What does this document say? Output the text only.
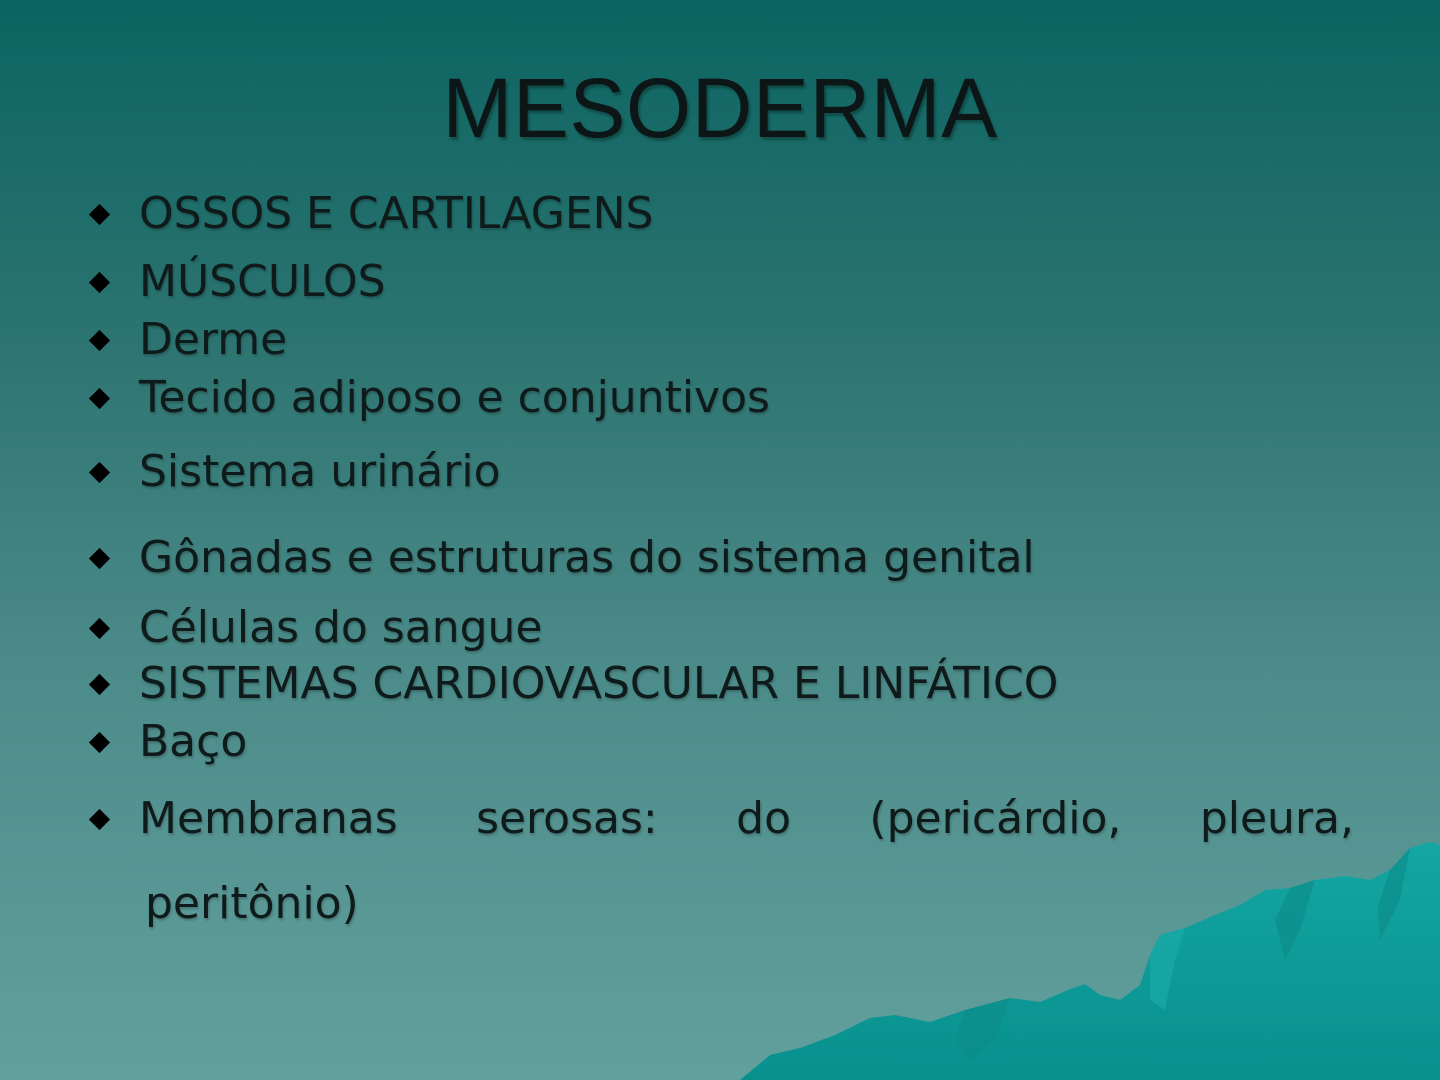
MESODERMA
OSSOS E CARTILAGENS
MÚSCULOS
Derme
Tecido adiposo e conjuntivos
Sistema urinário
Gônadas e estruturas do sistema genital
Células do sangue
SISTEMAS CARDIOVASCULAR E LINFÁTICO
Baço
Membranas serosas: do (pericárdio, pleura,
peritônio)
